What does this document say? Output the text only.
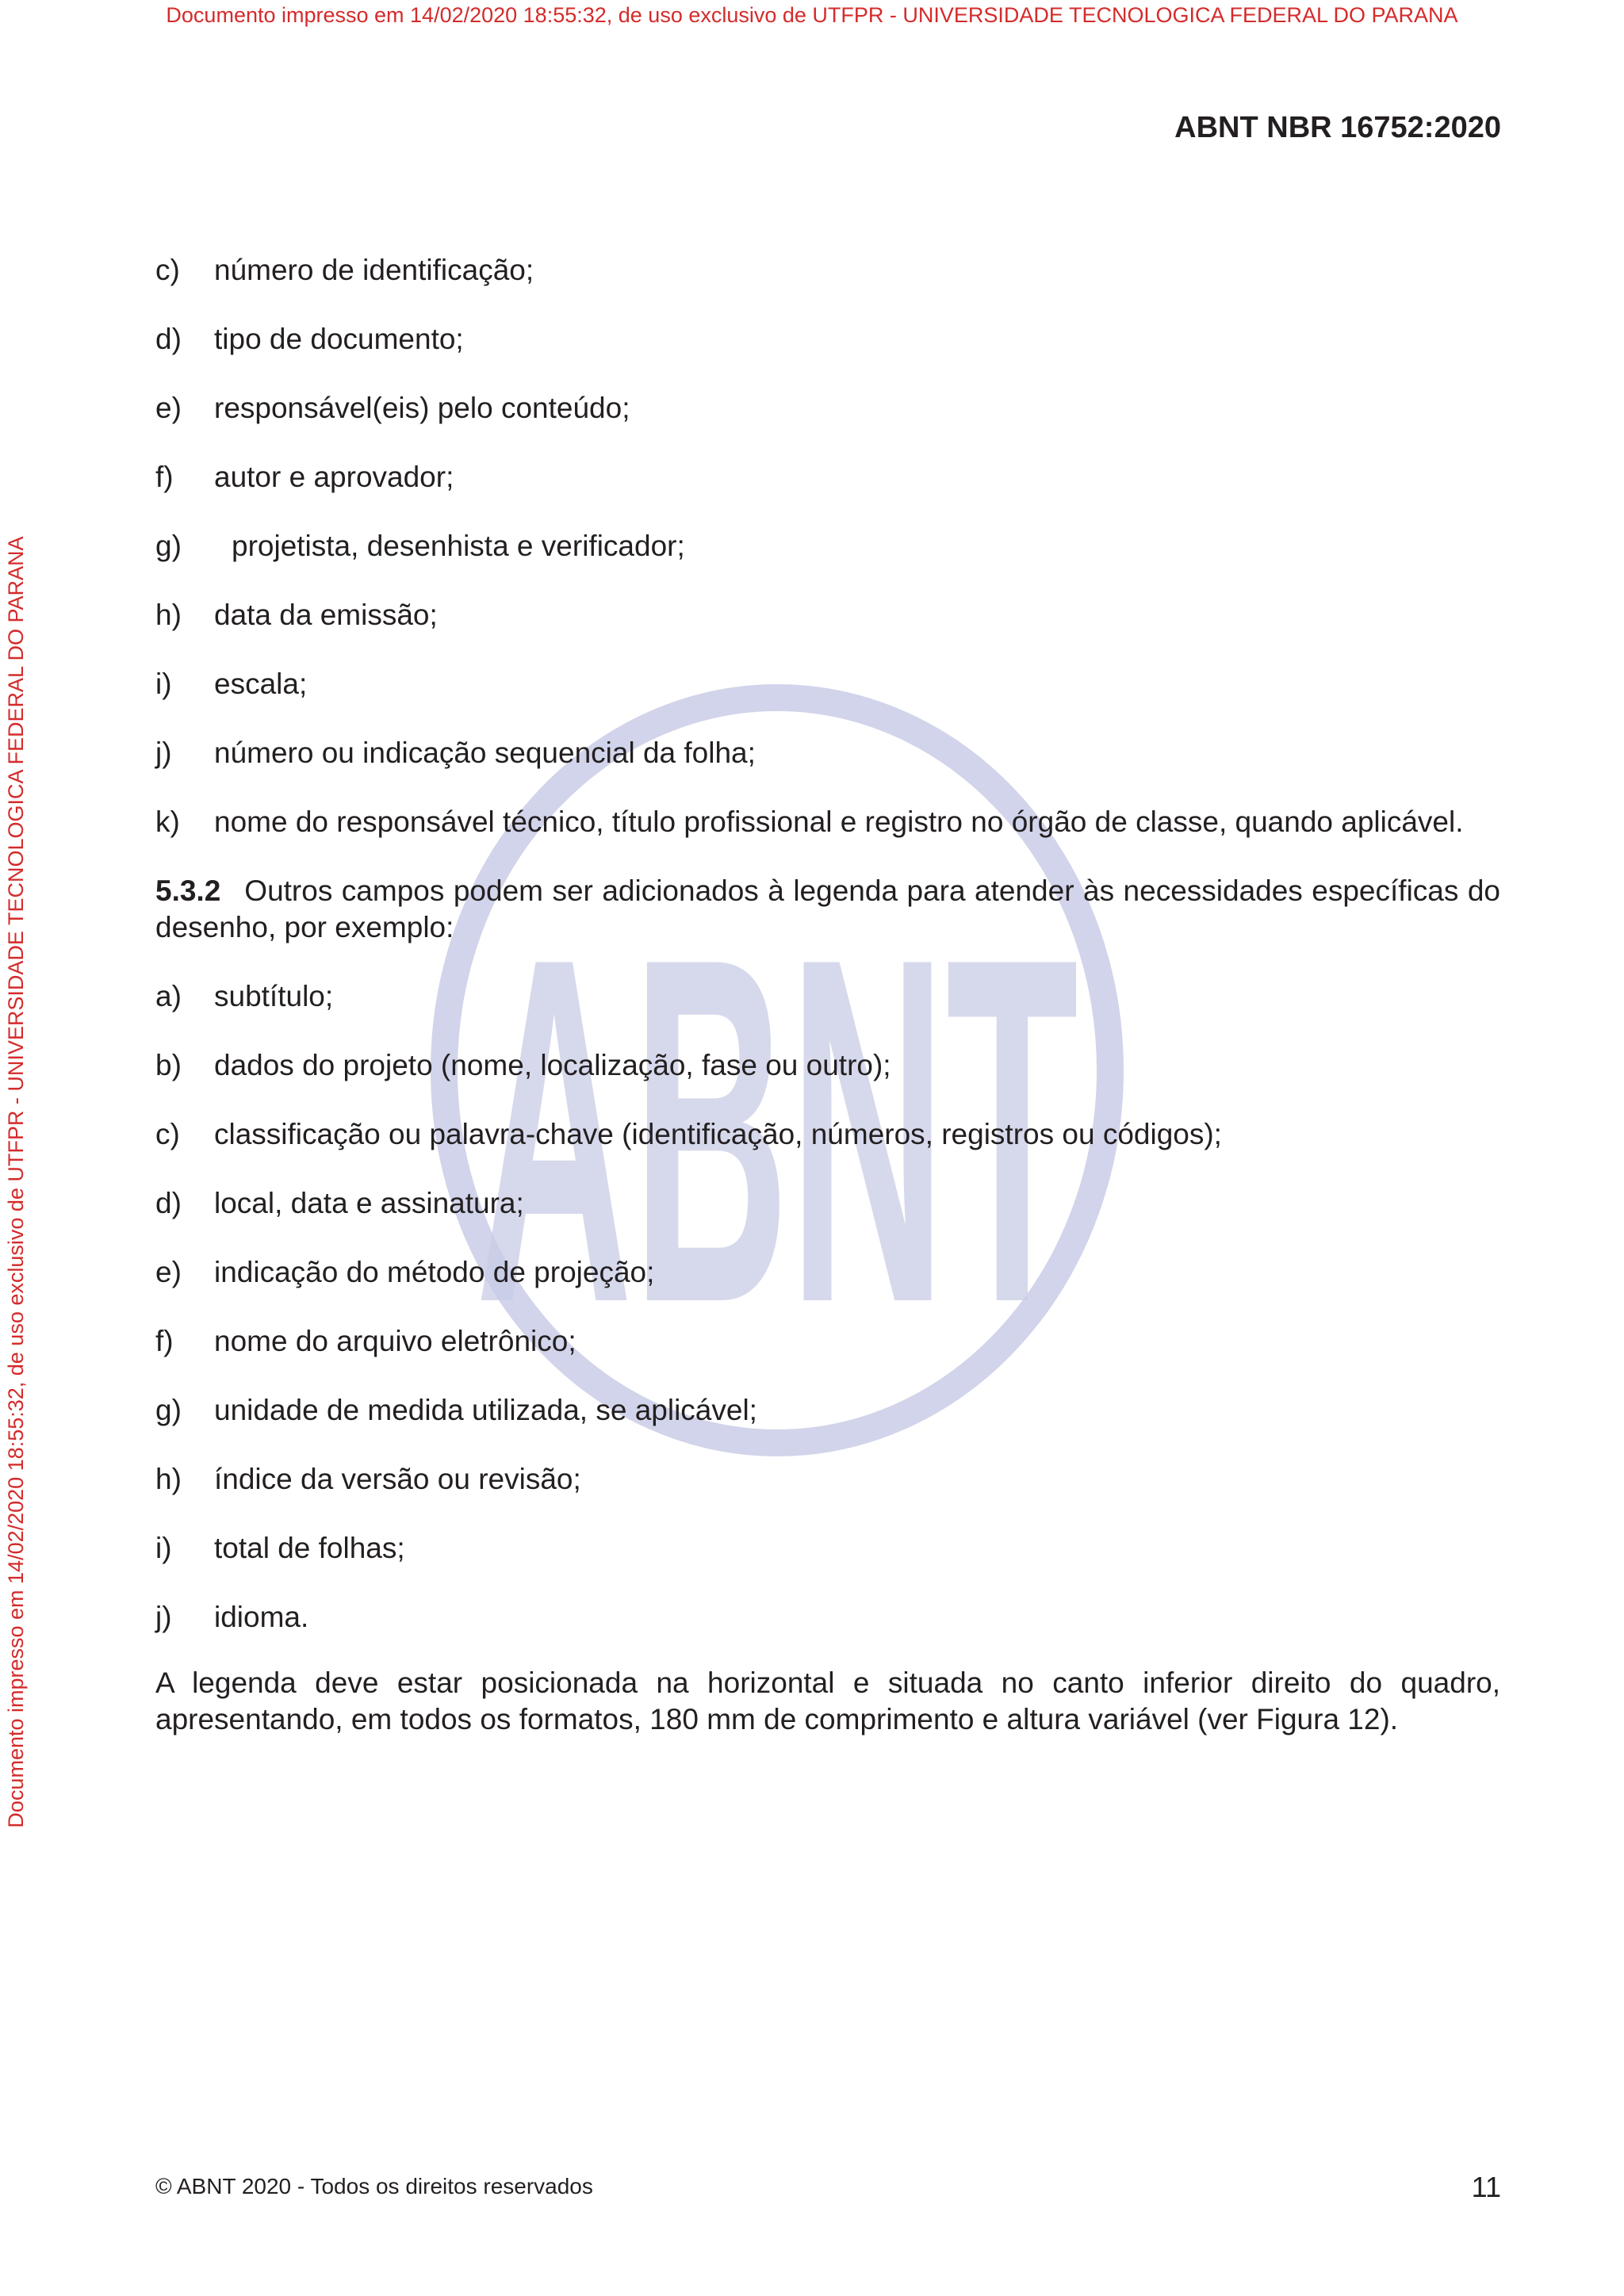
Documento impresso em 14/02/2020 18:55:32, de uso exclusivo de UTFPR - UNIVERSIDADE TECNOLOGICA FEDERAL DO PARANA
Documento impresso em 14/02/2020 18:55:32, de uso exclusivo de UTFPR - UNIVERSIDADE TECNOLOGICA FEDERAL DO PARANA ABNT
ABNT NBR 16752:2020
c)	número de identificação;
d)	tipo de documento;
e)	responsável(eis) pelo conteúdo;
f)	autor e aprovador;
g)	projetista, desenhista e verificador;
h)	data da emissão;
i)	escala;
j)	número ou indicação sequencial da folha;
k)	nome do responsável técnico, título profissional e registro no órgão de classe, quando aplicável.
5.3.2 Outros campos podem ser adicionados à legenda para atender às necessidades específicas do desenho, por exemplo:
a)	subtítulo;
b)	dados do projeto (nome, localização, fase ou outro);
c)	classificação ou palavra-chave (identificação, números, registros ou códigos);
d)	local, data e assinatura;
e)	indicação do método de projeção;
f)	nome do arquivo eletrônico;
g)	unidade de medida utilizada, se aplicável;
h)	índice da versão ou revisão;
i)	total de folhas;
j)	idioma.
A legenda deve estar posicionada na horizontal e situada no canto inferior direito do quadro, apresentando, em todos os formatos, 180 mm de comprimento e altura variável (ver Figura 12).
© ABNT 2020 - Todos os direitos reservados	11
